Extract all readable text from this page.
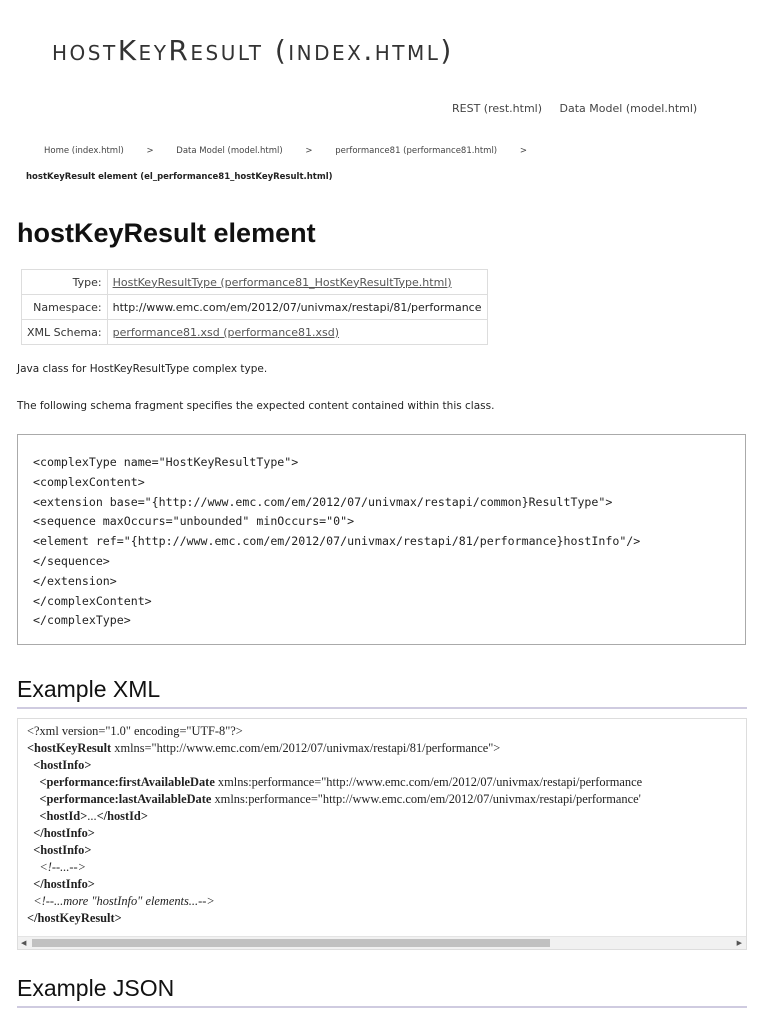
hostKeyResult (index.html)
REST (rest.html) Data Model (model.html)
Home (index.html)	>	Data Model (model.html)	>	performance81 (performance81.html)	>
hostKeyResult element (el_performance81_hostKeyResult.html)
hostKeyResult element
Type:	HostKeyResultType (performance81_HostKeyResultType.html)
Namespace:	http://www.emc.com/em/2012/07/univmax/restapi/81/performance
XML Schema:	performance81.xsd (performance81.xsd)

Java class for HostKeyResultType complex type.

The following schema fragment specifies the expected content contained within this class.

<complexType name="HostKeyResultType">
<complexContent>
<extension base="{http://www.emc.com/em/2012/07/univmax/restapi/common}ResultType">
<sequence maxOccurs="unbounded" minOccurs="0">
<element ref="{http://www.emc.com/em/2012/07/univmax/restapi/81/performance}hostInfo"/>
</sequence>
</extension>
</complexContent>
</complexType>
Example XML
<?xml version="1.0" encoding="UTF-8"?>
<hostKeyResult xmlns="http://www.emc.com/em/2012/07/univmax/restapi/81/performance">
<hostInfo>
<performance:firstAvailableDate xmlns:performance="http://www.emc.com/em/2012/07/univmax/restapi/performance
<performance:lastAvailableDate xmlns:performance="http://www.emc.com/em/2012/07/univmax/restapi/performance'
<hostId>...</hostId>
</hostInfo>
<hostInfo>
<!--...-->
</hostInfo>
<!--...more "hostInfo" elements...-->
</hostKeyResult>
◀	▶
Example JSON
